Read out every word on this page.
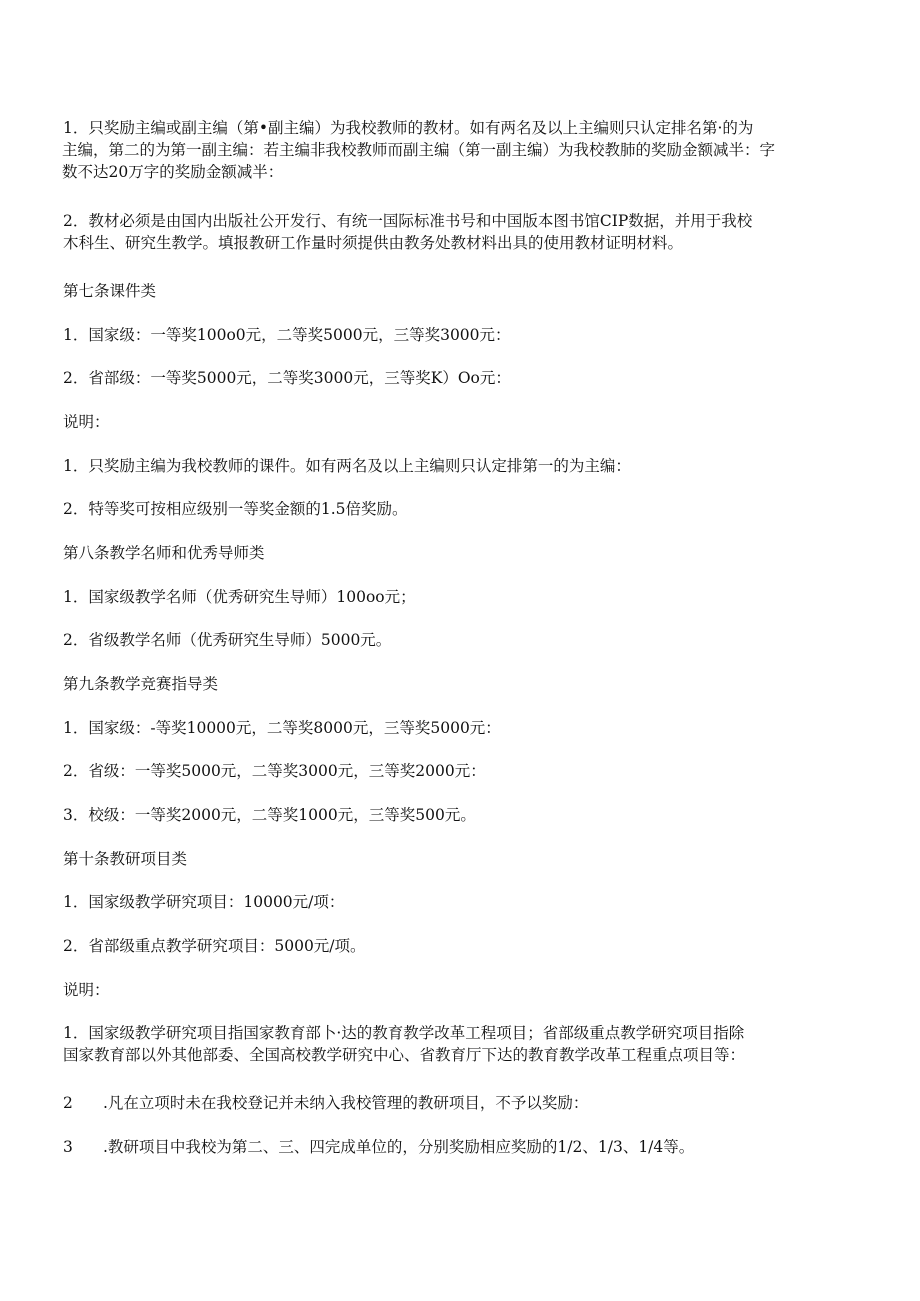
1．只奖励主编或副主编（第•副主编）为我校教师的教材。如有两名及以上主编则只认定排名第·的为
主编，第二的为第一副主编：若主编非我校教师而副主编（第一副主编）为我校教肺的奖励金额减半：字
数不达20万字的奖励金额减半：
2．教材必须是由国内出版社公开发行、有统一国际标准书号和中国版本图书馆CIP数据，并用于我校
木科生、研究生教学。填报教研工作量时须提供由教务处教材料出具的使用教材证明材料。
第七条课件类
1．国家级：一等奖100o0元，二等奖5000元，三等奖3000元：
2．省部级：一等奖5000元，二等奖3000元，三等奖K）Oo元：
说明：
1．只奖励主编为我校教师的课件。如有两名及以上主编则只认定排第一的为主编：
2．特等奖可按相应级别一等奖金额的1.5倍奖励。
第八条教学名师和优秀导师类
1．国家级教学名师（优秀研究生导师）100oo元；
2．省级教学名师（优秀研究生导师）5000元。
第九条教学竞赛指导类
1．国家级：-等奖10000元，二等奖8000元，三等奖5000元：
2．省级：一等奖5000元，二等奖3000元，三等奖2000元：
3．校级：一等奖2000元，二等奖1000元，三等奖500元。
第十条教研项目类
1．国家级教学研究项目：10000元/项：
2．省部级重点教学研究项目：5000元/项。
说明：
1．国家级教学研究项目指国家教育部卜·达的教育教学改革工程项目；省部级重点教学研究项目指除
国家教育部以外其他部委、全国高校教学研究中心、省教育厅下达的教育教学改革工程重点项目等：
2 .凡在立项时未在我校登记并未纳入我校管理的教研项目，不予以奖励：
3 .教研项目中我校为第二、三、四完成单位的，分别奖励相应奖励的1/2、1/3、1/4等。
